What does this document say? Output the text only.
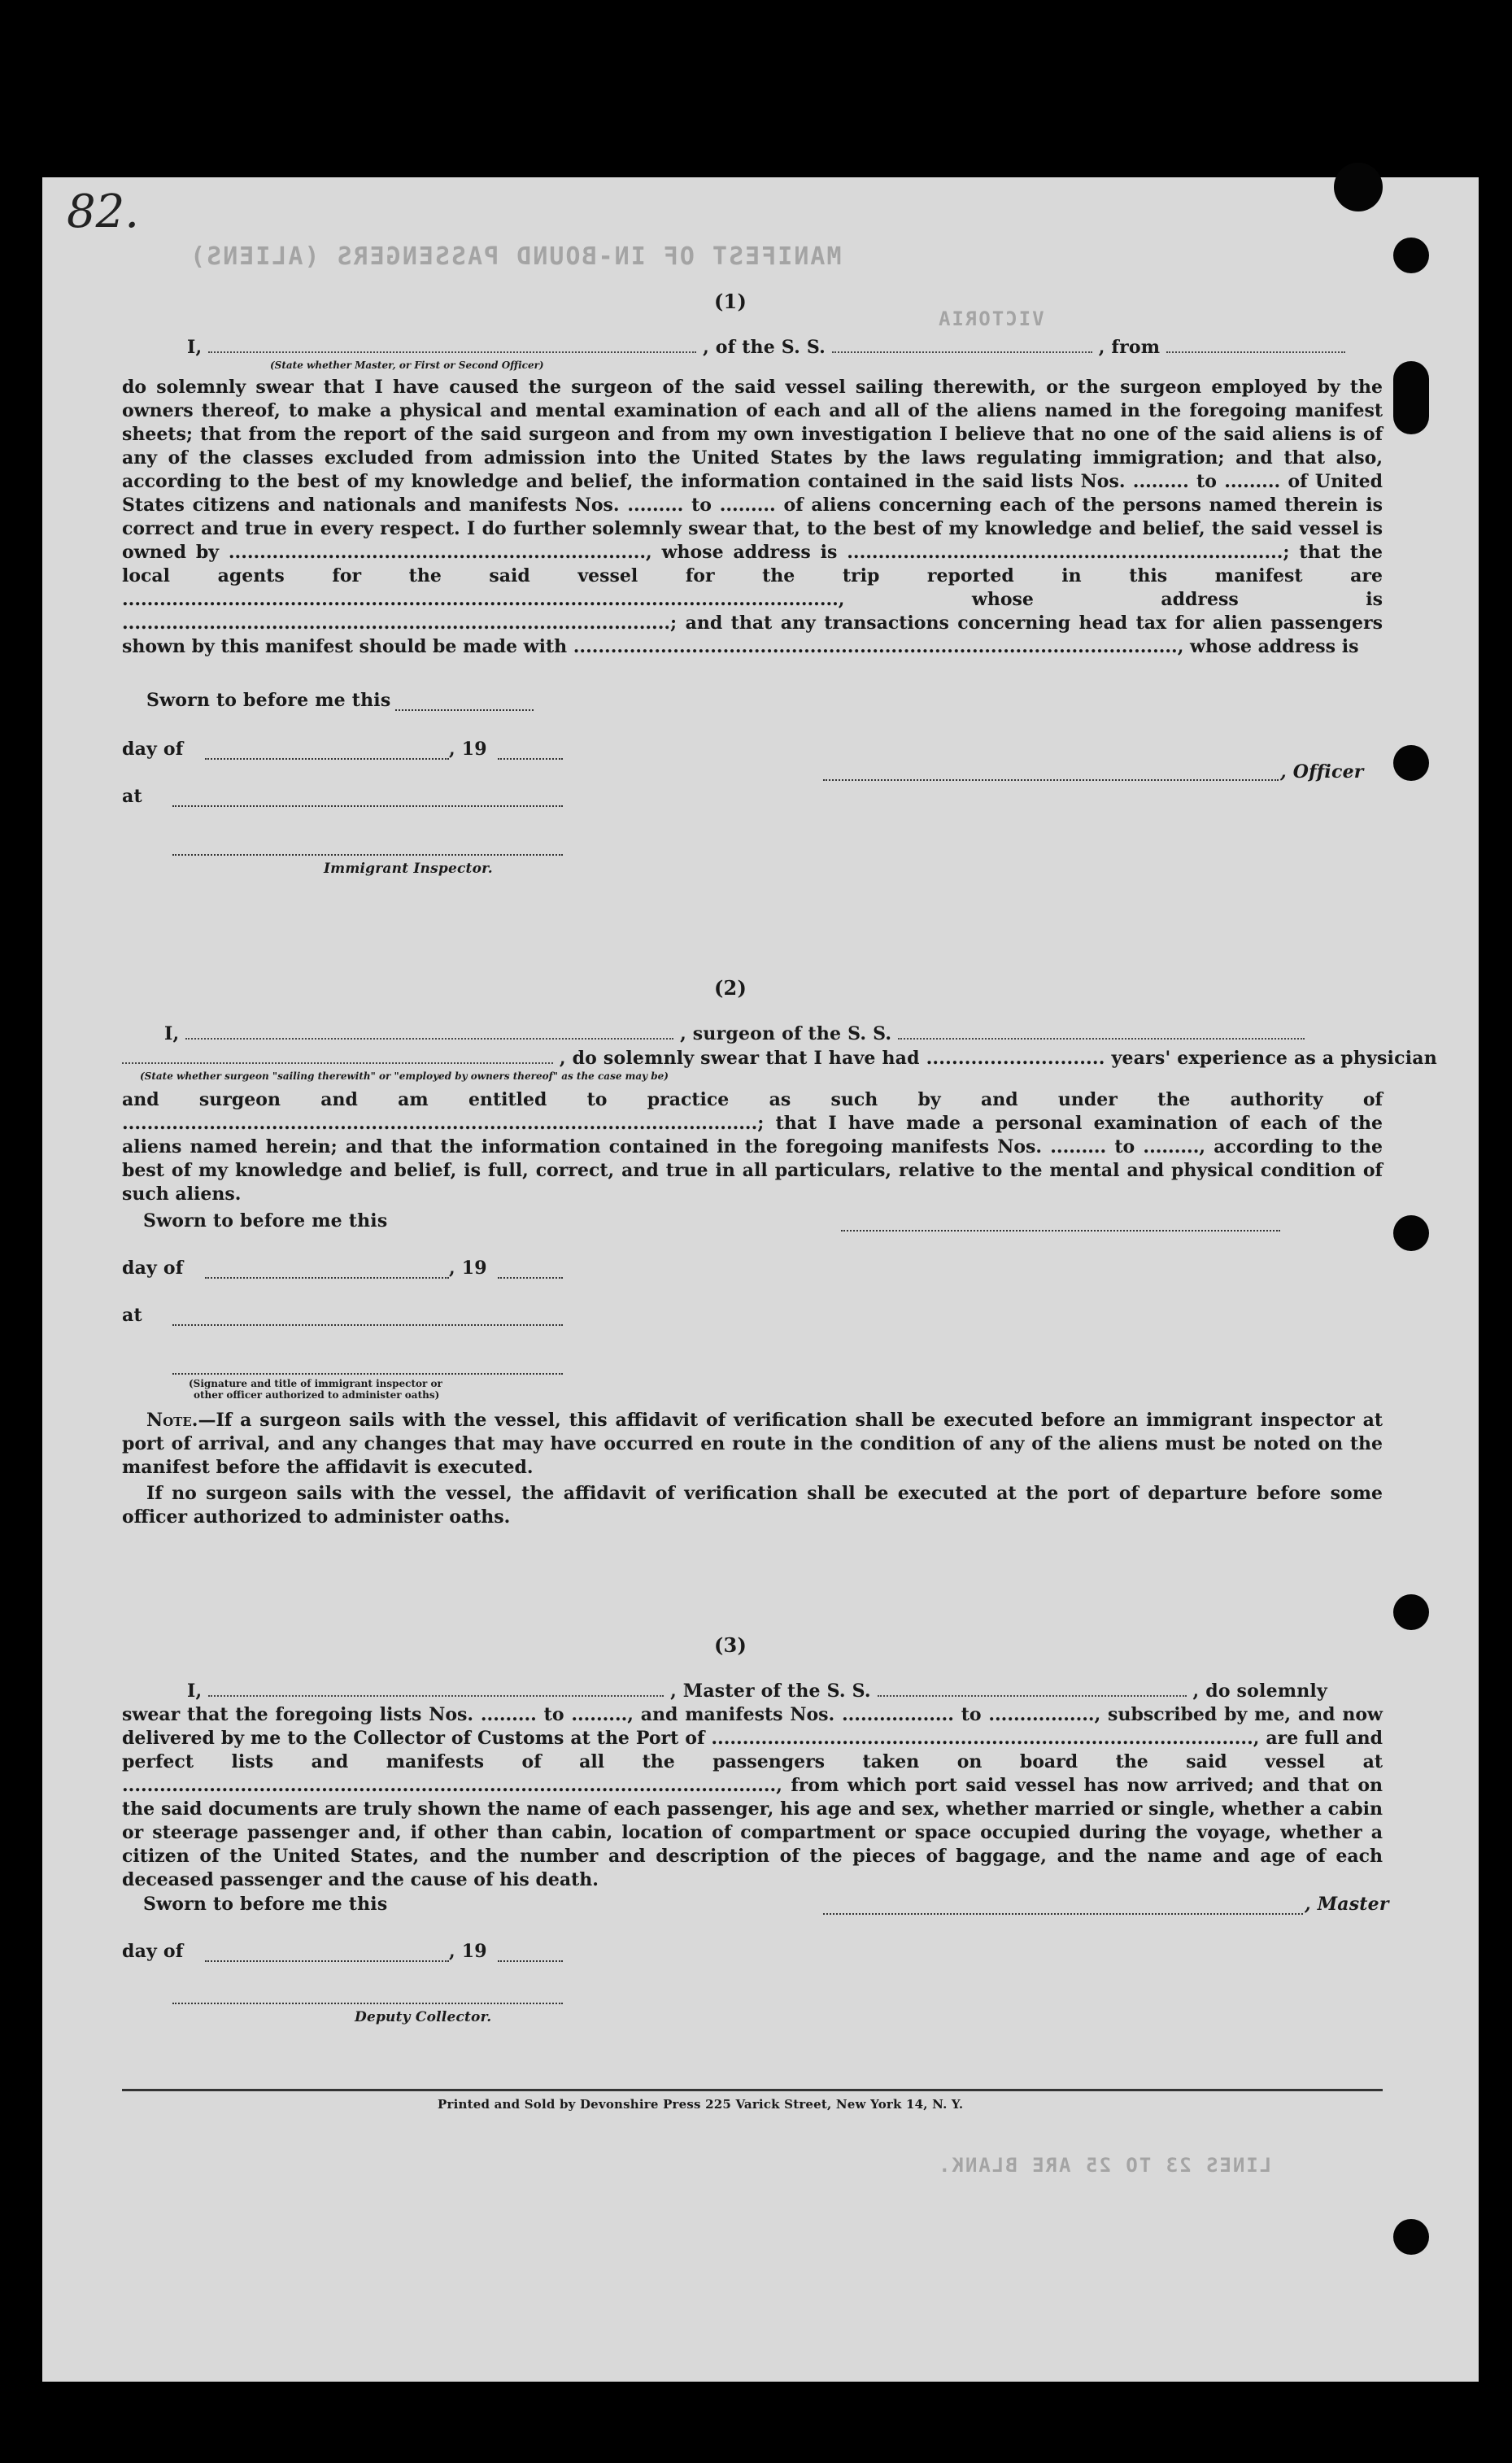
MANIFEST OF IN-BOUND PASSENGERS (ALIENS)
VICTORIA
LINES 23 TO 25 ARE BLANK.
82.
(1)
I,	, of the S. S.	, from
(State whether Master, or First or Second Officer)
do solemnly swear that I have caused the surgeon of the said vessel sailing therewith, or the surgeon employed by the owners thereof, to make a physical and mental examination of each and all of the aliens named in the foregoing manifest sheets; that from the report of the said surgeon and from my own investigation I believe that no one of the said aliens is of any of the classes excluded from admission into the United States by the laws regulating immigration; and that also, according to the best of my knowledge and belief, the information contained in the said lists Nos. ......... to ......... of United States citizens and nationals and manifests Nos. ......... to ......... of aliens concerning each of the persons named therein is correct and true in every respect. I do further solemnly swear that, to the best of my knowledge and belief, the said vessel is owned by ..................................................................., whose address is ......................................................................; that the local agents for the said vessel for the trip reported in this manifest are ..................................................................................................................., whose address is ........................................................................................; and that any transactions concerning head tax for alien passengers shown by this manifest should be made with ................................................................................................., whose address is
Sworn to before me this
day of	, 19
at
, Officer
Immigrant Inspector.
(2)
I,	, surgeon of the S. S.
, do solemnly swear that I have had ............................ years' experience as a physician
(State whether surgeon "sailing therewith" or "employed by owners thereof" as the case may be)
and surgeon and am entitled to practice as such by and under the authority of ......................................................................................................; that I have made a personal examination of each of the aliens named herein; and that the information contained in the foregoing manifests Nos. ......... to ........., according to the best of my knowledge and belief, is full, correct, and true in all particulars, relative to the mental and physical condition of such aliens.
Sworn to before me this
day of	, 19
at
(Signature and title of immigrant inspector or
other officer authorized to administer oaths)
Note.—If a surgeon sails with the vessel, this affidavit of verification shall be executed before an immigrant inspector at port of arrival, and any changes that may have occurred en route in the condition of any of the aliens must be noted on the manifest before the affidavit is executed.
If no surgeon sails with the vessel, the affidavit of verification shall be executed at the port of departure before some officer authorized to administer oaths.
(3)
I,	, Master of the S. S.	, do solemnly
swear that the foregoing lists Nos. ......... to ........., and manifests Nos. .................. to ................., subscribed by me, and now delivered by me to the Collector of Customs at the Port of ......................................................................................., are full and perfect lists and manifests of all the passengers taken on board the said vessel at ........................................................................................................., from which port said vessel has now arrived; and that on the said documents are truly shown the name of each passenger, his age and sex, whether married or single, whether a cabin or steerage passenger and, if other than cabin, location of compartment or space occupied during the voyage, whether a citizen of the United States, and the number and description of the pieces of baggage, and the name and age of each deceased passenger and the cause of his death.
Sworn to before me this	, Master
day of	, 19
Deputy Collector.
Printed and Sold by Devonshire Press 225 Varick Street, New York 14, N. Y.
